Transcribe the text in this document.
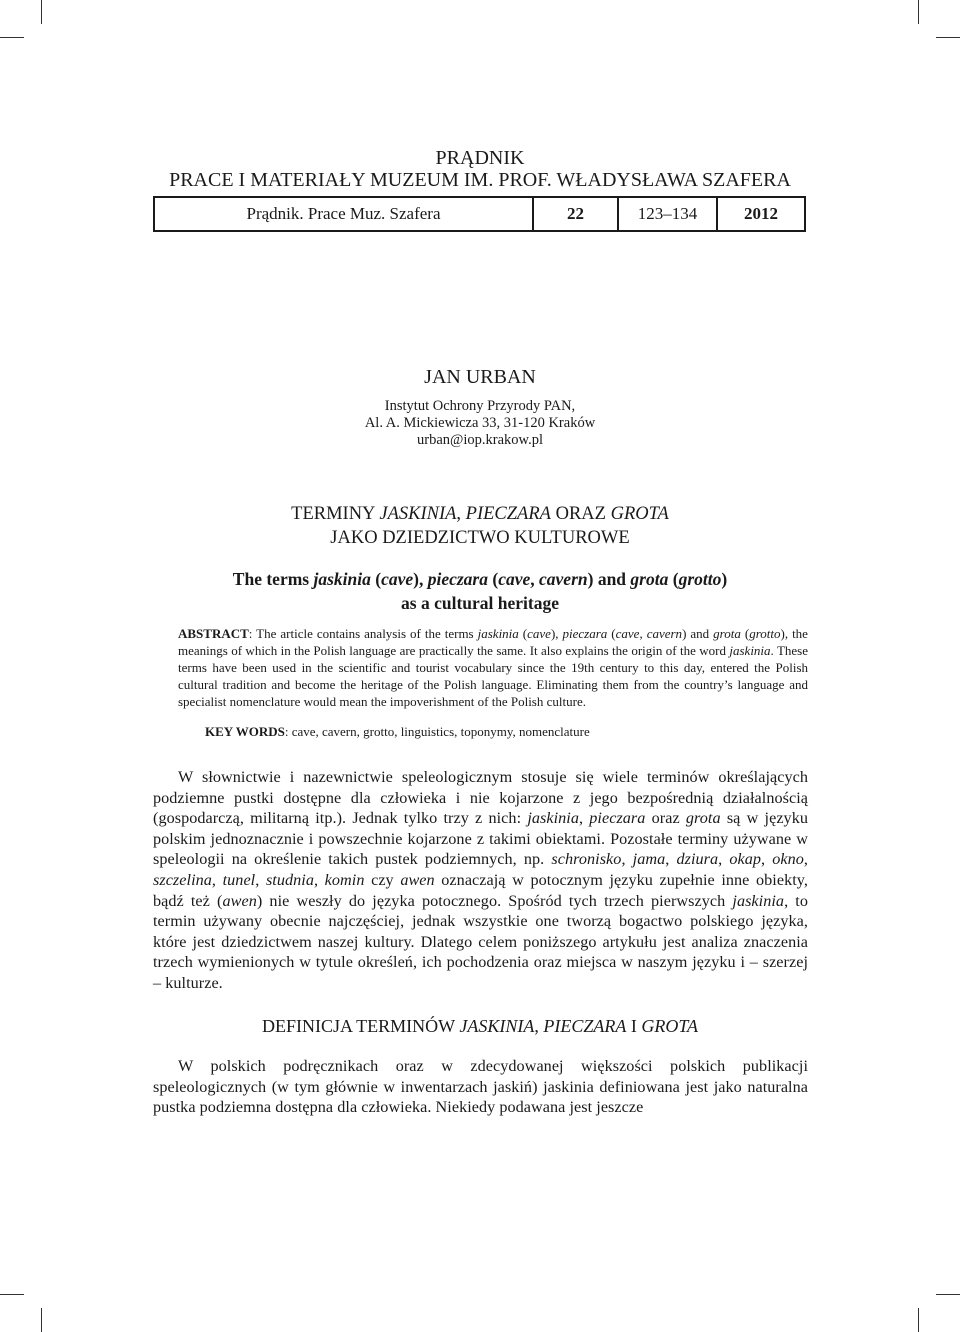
PRĄDNIK
PRACE I MATERIAŁY MUZEUM IM. PROF. WŁADYSŁAWA SZAFERA
Prądnik. Prace Muz. Szafera	22	123–134	2012
JAN URBAN
Instytut Ochrony Przyrody PAN,
Al. A. Mickiewicza 33, 31-120 Kraków
urban@iop.krakow.pl
TERMINY JASKINIA, PIECZARA ORAZ GROTA
JAKO DZIEDZICTWO KULTUROWE
The terms jaskinia (cave), pieczara (cave, cavern) and grota (grotto)
as a cultural heritage

ABSTRACT: The article contains analysis of the terms jaskinia (cave), pieczara (cave, cavern) and grota (grotto), the meanings of which in the Polish language are practically the same. It also explains the origin of the word jaskinia. These terms have been used in the scientific and tourist vocabulary since the 19th century to this day, entered the Polish cultural tradition and become the heritage of the Polish language. Eliminating them from the country’s language and specialist nomenclature would mean the impoverishment of the Polish culture.

KEY WORDS: cave, cavern, grotto, linguistics, toponymy, nomenclature

W słownictwie i nazewnictwie speleologicznym stosuje się wiele terminów określających podziemne pustki dostępne dla człowieka i nie kojarzone z jego bezpośrednią działalnością (gospodarczą, militarną itp.). Jednak tylko trzy z nich: jaskinia, pieczara oraz grota są w języku polskim jednoznacznie i powszechnie kojarzone z takimi obiektami. Pozostałe terminy używane w speleologii na określenie takich pustek podziemnych, np. schronisko, jama, dziura, okap, okno, szczelina, tunel, studnia, komin czy awen oznaczają w potocznym języku zupełnie inne obiekty, bądź też (awen) nie weszły do języka potocznego. Spośród tych trzech pierwszych jaskinia, to termin używany obecnie najczęściej, jednak wszystkie one tworzą bogactwo polskiego języka, które jest dziedzictwem naszej kultury. Dlatego celem poniższego artykułu jest analiza znaczenia trzech wymienionych w tytule określeń, ich pochodzenia oraz miejsca w naszym języku i – szerzej – kulturze.

DEFINICJA TERMINÓW JASKINIA, PIECZARA I GROTA

W polskich podręcznikach oraz w zdecydowanej większości polskich publikacji speleologicznych (w tym głównie w inwentarzach jaskiń) jaskinia definiowana jest jako naturalna pustka podziemna dostępna dla człowieka. Niekiedy podawana jest jeszcze
